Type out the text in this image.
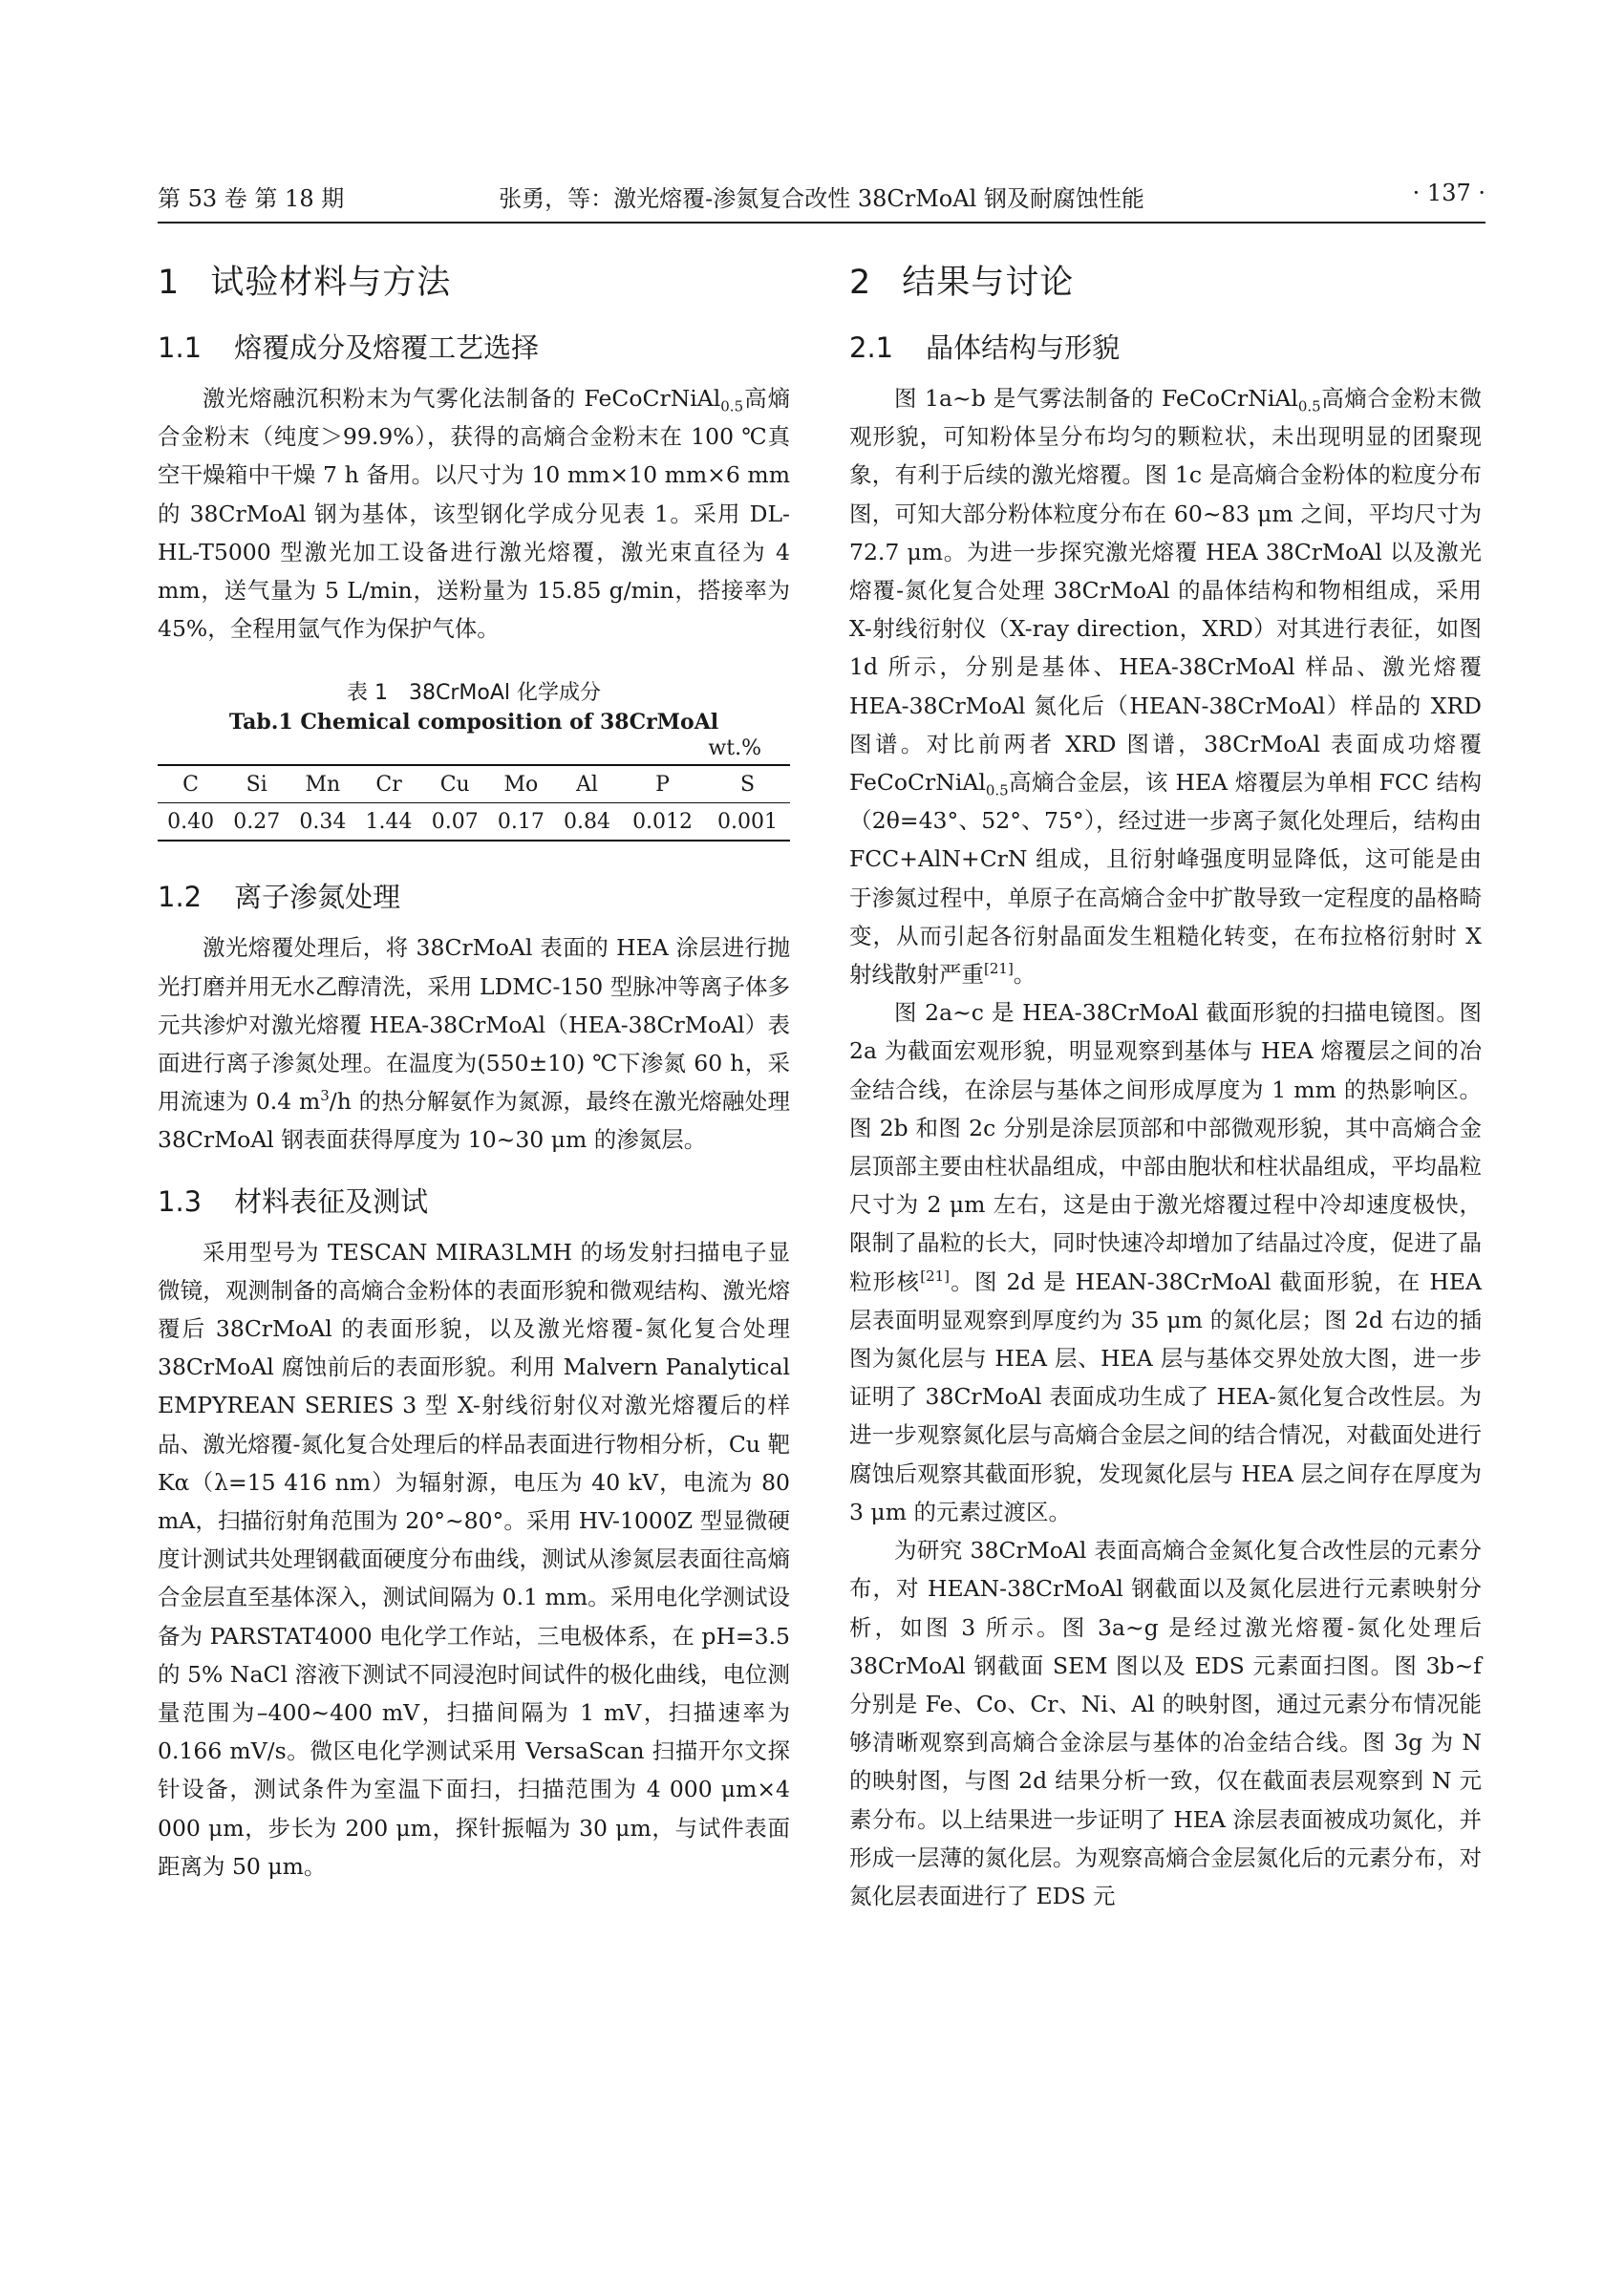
第 53 卷 第 18 期	张勇，等：激光熔覆-渗氮复合改性 38CrMoAl 钢及耐腐蚀性能	· 137 ·
1 试验材料与方法
1.1 熔覆成分及熔覆工艺选择

激光熔融沉积粉末为气雾化法制备的 FeCoCrNiAl$_{0.5}$高熵合金粉末（纯度＞99.9%），获得的高熵合金粉末在 100 ℃真空干燥箱中干燥 7 h 备用。以尺寸为 10 mm×10 mm×6 mm 的 38CrMoAl 钢为基体，该型钢化学成分见表 1。采用 DL-HL-T5000 型激光加工设备进行激光熔覆，激光束直径为 4 mm，送气量为 5 L/min，送粉量为 15.85 g/min，搭接率为 45%，全程用氩气作为保护气体。

表 1　38CrMoAl 化学成分
Tab.1 Chemical composition of 38CrMoAl
wt.%
C	Si	Mn	Cr	Cu	Mo	Al	P	S
0.40	0.27	0.34	1.44	0.07	0.17	0.84	0.012	0.001
1.2 离子渗氮处理

激光熔覆处理后，将 38CrMoAl 表面的 HEA 涂层进行抛光打磨并用无水乙醇清洗，采用 LDMC-150 型脉冲等离子体多元共渗炉对激光熔覆 HEA-38CrMoAl（HEA-38CrMoAl）表面进行离子渗氮处理。在温度为(550±10) ℃下渗氮 60 h，采用流速为 0.4 $m^3/h$ 的热分解氨作为氮源，最终在激光熔融处理 38CrMoAl 钢表面获得厚度为 10~30 μm 的渗氮层。

1.3 材料表征及测试

采用型号为 TESCAN MIRA3LMH 的场发射扫描电子显微镜，观测制备的高熵合金粉体的表面形貌和微观结构、激光熔覆后 38CrMoAl 的表面形貌，以及激光熔覆-氮化复合处理 38CrMoAl 腐蚀前后的表面形貌。利用 Malvern Panalytical EMPYREAN SERIES 3 型 X-射线衍射仪对激光熔覆后的样品、激光熔覆-氮化复合处理后的样品表面进行物相分析，Cu 靶 Kα（λ=15 416 nm）为辐射源，电压为 40 kV，电流为 80 mA，扫描衍射角范围为 20°~80°。采用 HV-1000Z 型显微硬度计测试共处理钢截面硬度分布曲线，测试从渗氮层表面往高熵合金层直至基体深入，测试间隔为 0.1 mm。采用电化学测试设备为 PARSTAT4000 电化学工作站，三电极体系，在 pH=3.5 的 5% NaCl 溶液下测试不同浸泡时间试件的极化曲线，电位测量范围为–400~400 mV，扫描间隔为 1 mV，扫描速率为 0.166 mV/s。微区电化学测试采用 VersaScan 扫描开尔文探针设备，测试条件为室温下面扫，扫描范围为 4 000 μm×4 000 μm，步长为 200 μm，探针振幅为 30 μm，与试件表面距离为 50 μm。

2 结果与讨论
2.1 晶体结构与形貌

图 1a~b 是气雾法制备的 FeCoCrNiAl$_{0.5}$高熵合金粉末微观形貌，可知粉体呈分布均匀的颗粒状，未出现明显的团聚现象，有利于后续的激光熔覆。图 1c 是高熵合金粉体的粒度分布图，可知大部分粉体粒度分布在 60~83 μm 之间，平均尺寸为 72.7 μm。为进一步探究激光熔覆 HEA 38CrMoAl 以及激光熔覆-氮化复合处理 38CrMoAl 的晶体结构和物相组成，采用 X-射线衍射仪（X-ray direction，XRD）对其进行表征，如图 1d 所示，分别是基体、HEA-38CrMoAl 样品、激光熔覆 HEA-38CrMoAl 氮化后（HEAN-38CrMoAl）样品的 XRD 图谱。对比前两者 XRD 图谱，38CrMoAl 表面成功熔覆 FeCoCrNiAl$_{0.5}$高熵合金层，该 HEA 熔覆层为单相 FCC 结构（2θ=43°、52°、75°），经过进一步离子氮化处理后，结构由 FCC+AlN+CrN 组成，且衍射峰强度明显降低，这可能是由于渗氮过程中，单原子在高熵合金中扩散导致一定程度的晶格畸变，从而引起各衍射晶面发生粗糙化转变，在布拉格衍射时 X 射线散射严重[21]。

图 2a~c 是 HEA-38CrMoAl 截面形貌的扫描电镜图。图 2a 为截面宏观形貌，明显观察到基体与 HEA 熔覆层之间的冶金结合线，在涂层与基体之间形成厚度为 1 mm 的热影响区。图 2b 和图 2c 分别是涂层顶部和中部微观形貌，其中高熵合金层顶部主要由柱状晶组成，中部由胞状和柱状晶组成，平均晶粒尺寸为 2 μm 左右，这是由于激光熔覆过程中冷却速度极快，限制了晶粒的长大，同时快速冷却增加了结晶过冷度，促进了晶粒形核[21]。图 2d 是 HEAN-38CrMoAl 截面形貌，在 HEA 层表面明显观察到厚度约为 35 μm 的氮化层；图 2d 右边的插图为氮化层与 HEA 层、HEA 层与基体交界处放大图，进一步证明了 38CrMoAl 表面成功生成了 HEA-氮化复合改性层。为进一步观察氮化层与高熵合金层之间的结合情况，对截面处进行腐蚀后观察其截面形貌，发现氮化层与 HEA 层之间存在厚度为 3 μm 的元素过渡区。

为研究 38CrMoAl 表面高熵合金氮化复合改性层的元素分布，对 HEAN-38CrMoAl 钢截面以及氮化层进行元素映射分析，如图 3 所示。图 3a~g 是经过激光熔覆-氮化处理后 38CrMoAl 钢截面 SEM 图以及 EDS 元素面扫图。图 3b~f 分别是 Fe、Co、Cr、Ni、Al 的映射图，通过元素分布情况能够清晰观察到高熵合金涂层与基体的冶金结合线。图 3g 为 N 的映射图，与图 2d 结果分析一致，仅在截面表层观察到 N 元素分布。以上结果进一步证明了 HEA 涂层表面被成功氮化，并形成一层薄的氮化层。为观察高熵合金层氮化后的元素分布，对氮化层表面进行了 EDS 元
